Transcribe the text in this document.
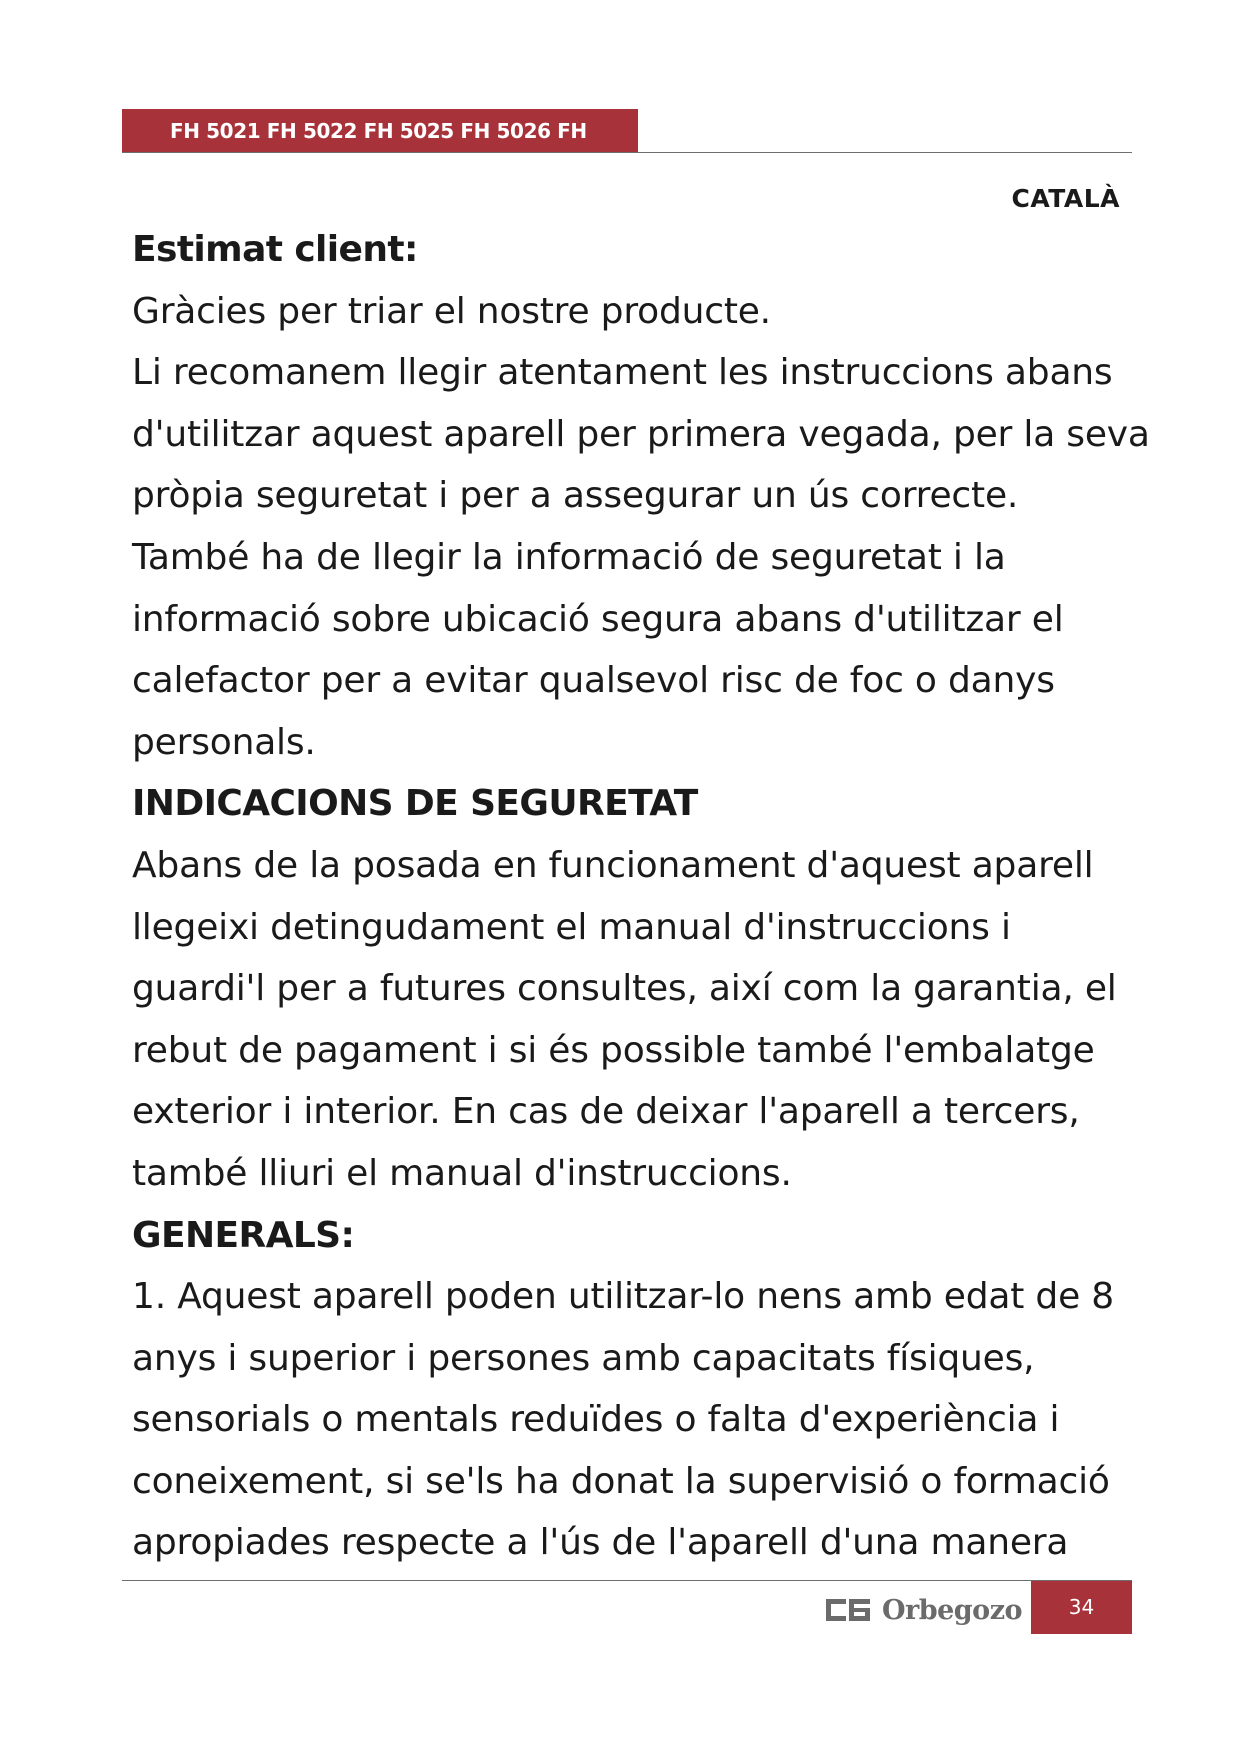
FH 5021 FH 5022 FH 5025 FH 5026 FH 5036
CATALÀ
Estimat client:
Gràcies per triar el nostre producte.
Li recomanem llegir atentament les instruccions abans
d'utilitzar aquest aparell per primera vegada, per la seva
pròpia seguretat i per a assegurar un ús correcte.
També ha de llegir la informació de seguretat i la
informació sobre ubicació segura abans d'utilitzar el
calefactor per a evitar qualsevol risc de foc o danys
personals.
INDICACIONS DE SEGURETAT
Abans de la posada en funcionament d'aquest aparell
llegeixi detingudament el manual d'instruccions i
guardi'l per a futures consultes, així com la garantia, el
rebut de pagament i si és possible també l'embalatge
exterior i interior. En cas de deixar l'aparell a tercers,
també lliuri el manual d'instruccions.
GENERALS:
1. Aquest aparell poden utilitzar-lo nens amb edat de 8
anys i superior i persones amb capacitats físiques,
sensorials o mentals reduïdes o falta d'experiència i
coneixement, si se'ls ha donat la supervisió o formació
apropiades respecte a l'ús de l'aparell d'una manera
Orbegozo	34
